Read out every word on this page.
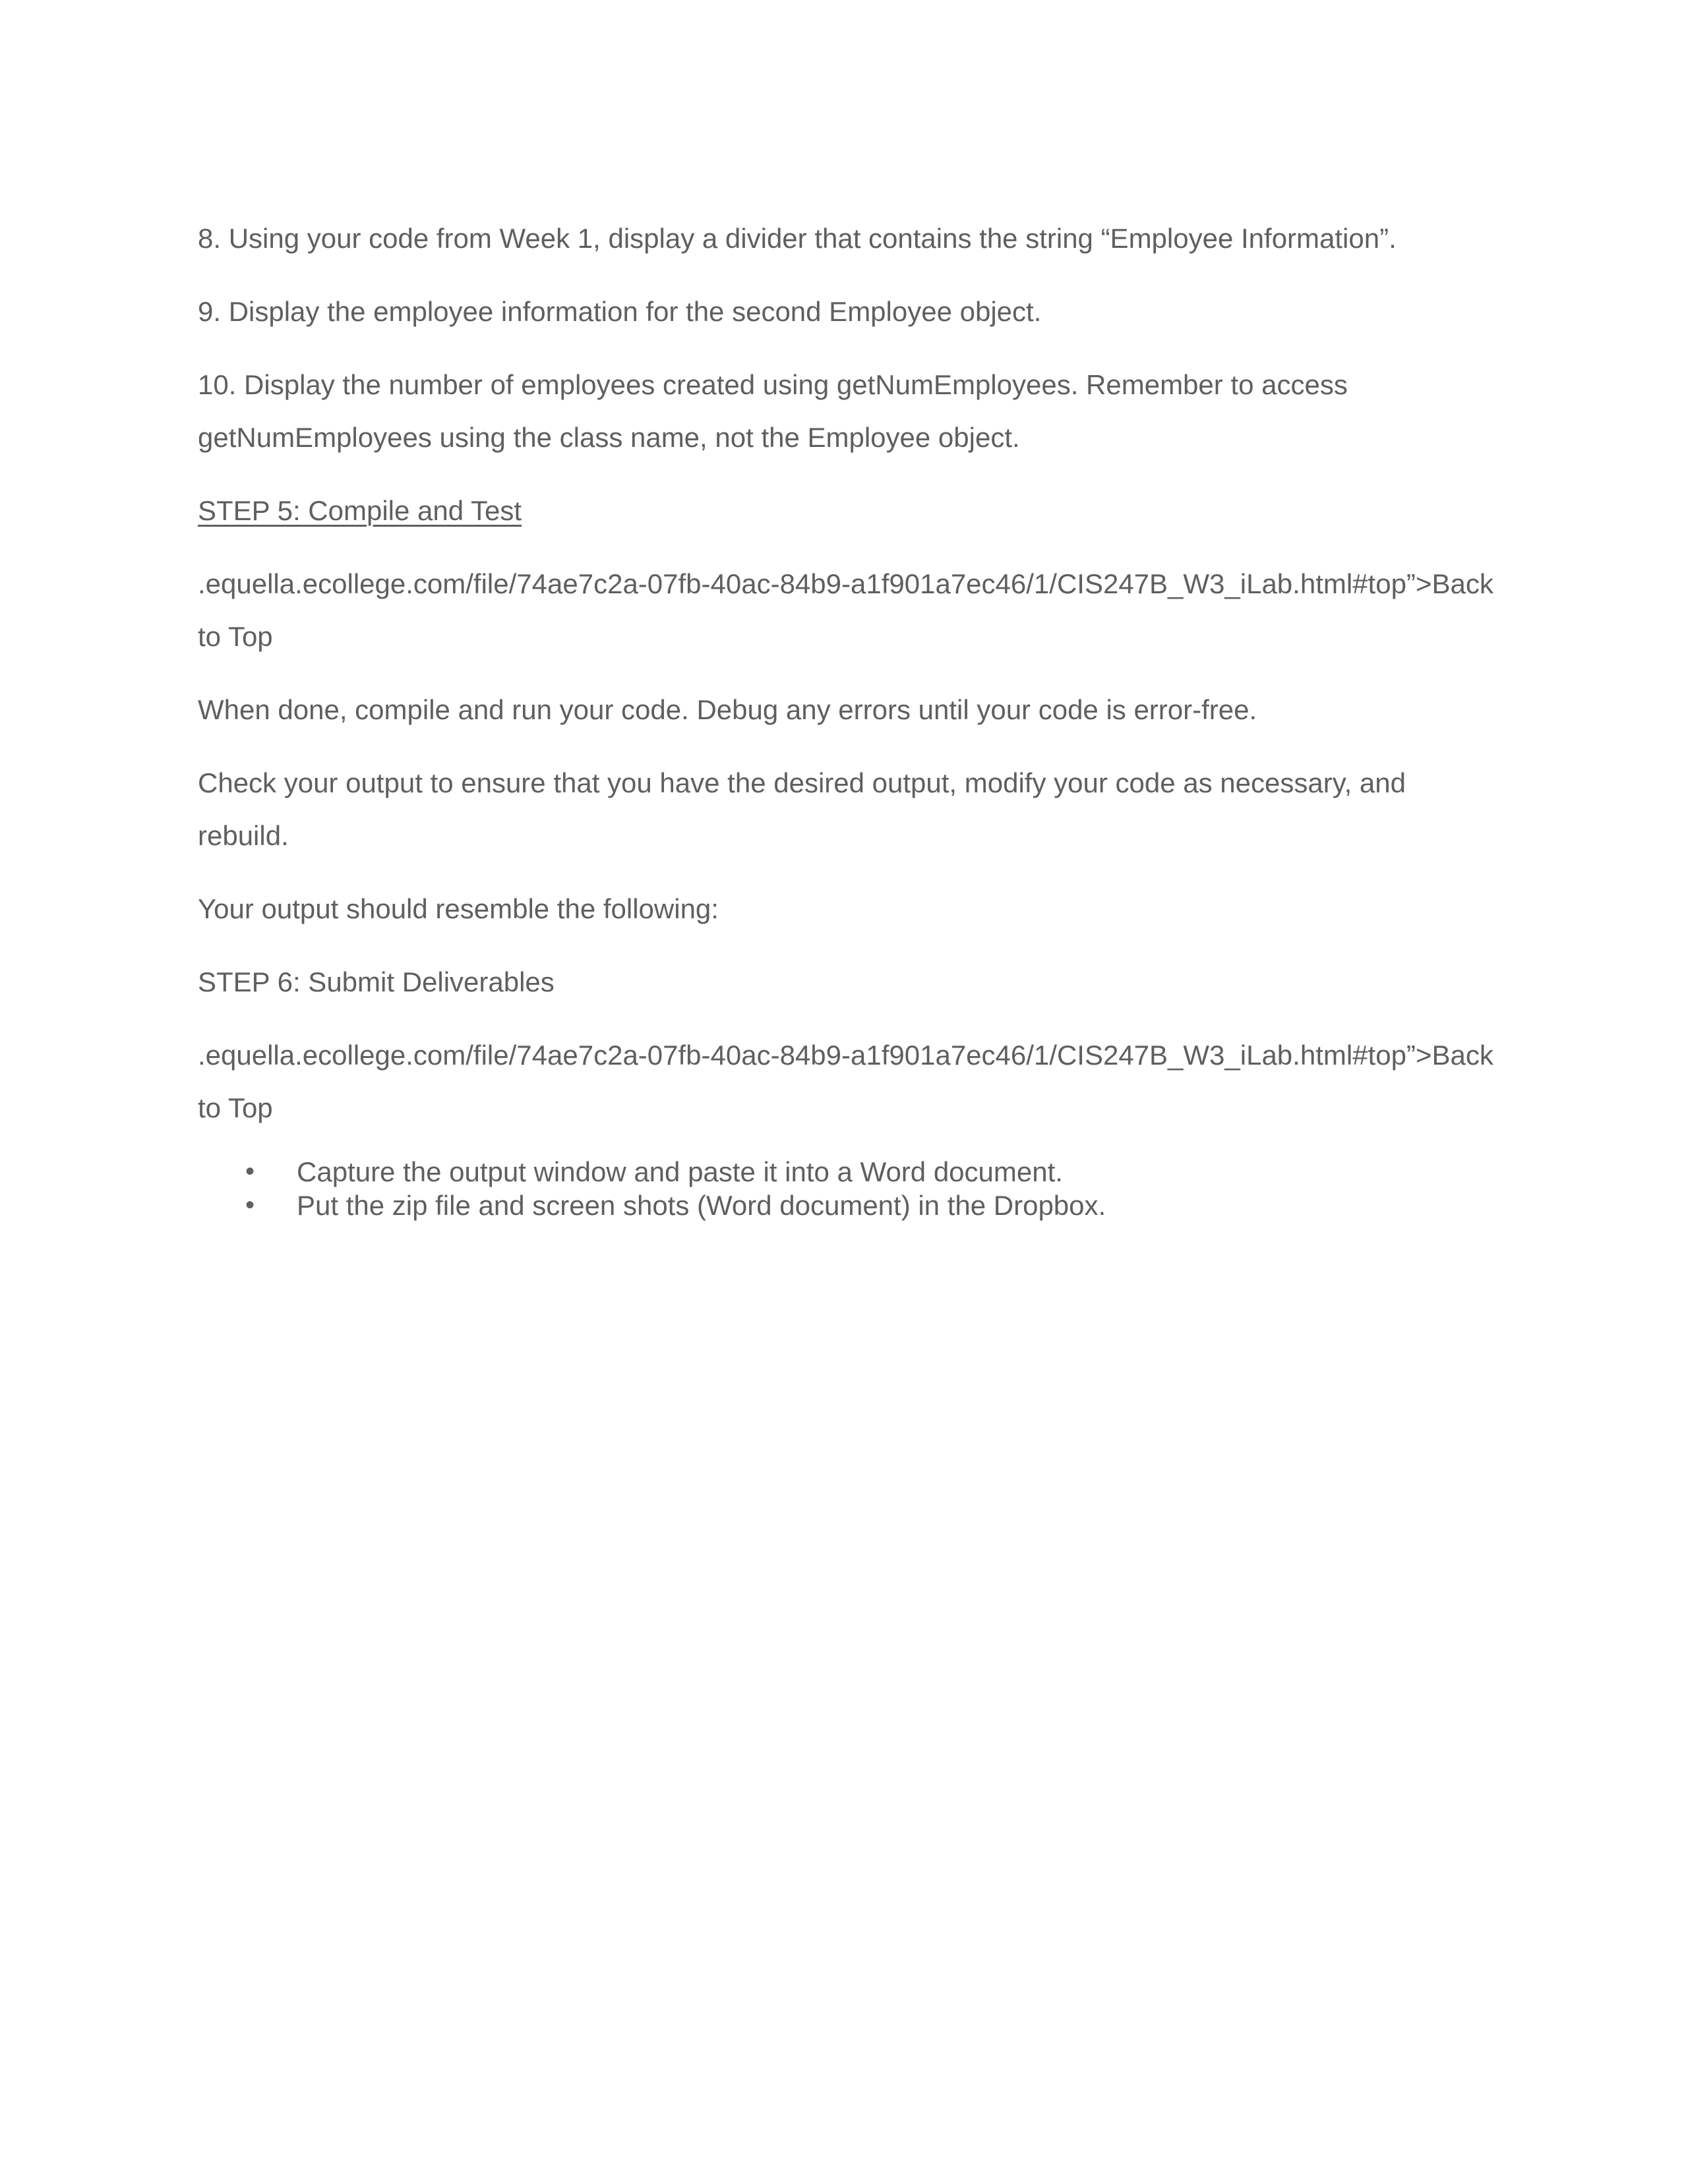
8. Using your code from Week 1, display a divider that contains the string “Employee Information”.

9. Display the employee information for the second Employee object.

10. Display the number of employees created using getNumEmployees. Remember to access getNumEmployees using the class name, not the Employee object.

STEP 5: Compile and Test

.equella.ecollege.com/file/74ae7c2a-07fb-40ac-84b9-a1f901a7ec46/1/CIS247B_W3_iLab.html#top”>Back to Top

When done, compile and run your code. Debug any errors until your code is error-free.

Check your output to ensure that you have the desired output, modify your code as necessary, and rebuild.

Your output should resemble the following:

STEP 6: Submit Deliverables

.equella.ecollege.com/file/74ae7c2a-07fb-40ac-84b9-a1f901a7ec46/1/CIS247B_W3_iLab.html#top”>Back to Top

• Capture the output window and paste it into a Word document.
• Put the zip file and screen shots (Word document) in the Dropbox.
